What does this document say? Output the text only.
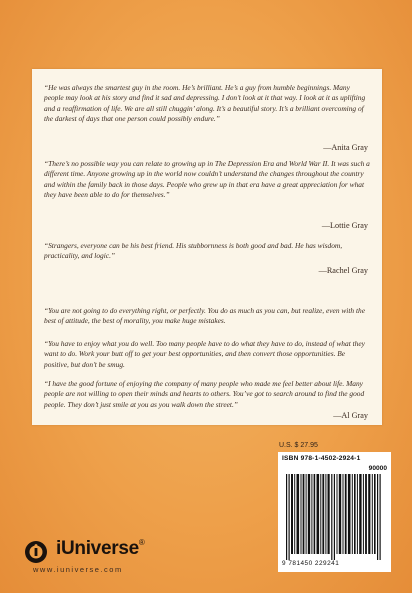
“He was always the smartest guy in the room. He’s brilliant. He’s a guy from humble beginnings. Many people may look at his story and find it sad and depressing. I don’t look at it that way. I look at it as uplifting and a reaffirmation of life. We are all still chuggin’ along. It’s a beautiful story. It’s a brilliant overcoming of the darkest of days that one person could possibly endure.”
—Anita Gray
“There’s no possible way you can relate to growing up in The Depression Era and World War II. It was such a different time. Anyone growing up in the world now couldn’t understand the changes throughout the country and within the family back in those days. People who grew up in that era have a great appreciation for what they have been able to do for themselves.”
—Lottie Gray
“Strangers, everyone can be his best friend. His stubbornness is both good and bad. He has wisdom, practicality, and logic.”
—Rachel Gray
“You are not going to do everything right, or perfectly. You do as much as you can, but realize, even with the best of attitude, the best of morality, you make huge mistakes.
“You have to enjoy what you do well. Too many people have to do what they have to do, instead of what they want to do. Work your butt off to get your best opportunities, and then convert those opportunities. Be positive, but don’t be smug.
“I have the good fortune of enjoying the company of many people who made me feel better about life. Many people are not willing to open their minds and hearts to others. You’ve got to search around to find the good people. They don’t just smile at you as you walk down the street.”
—Al Gray
U.S. $ 27.95
ISBN 978-1-4502-2924-1
90000
9 781450 229241
iUniverse®
www.iuniverse.com
